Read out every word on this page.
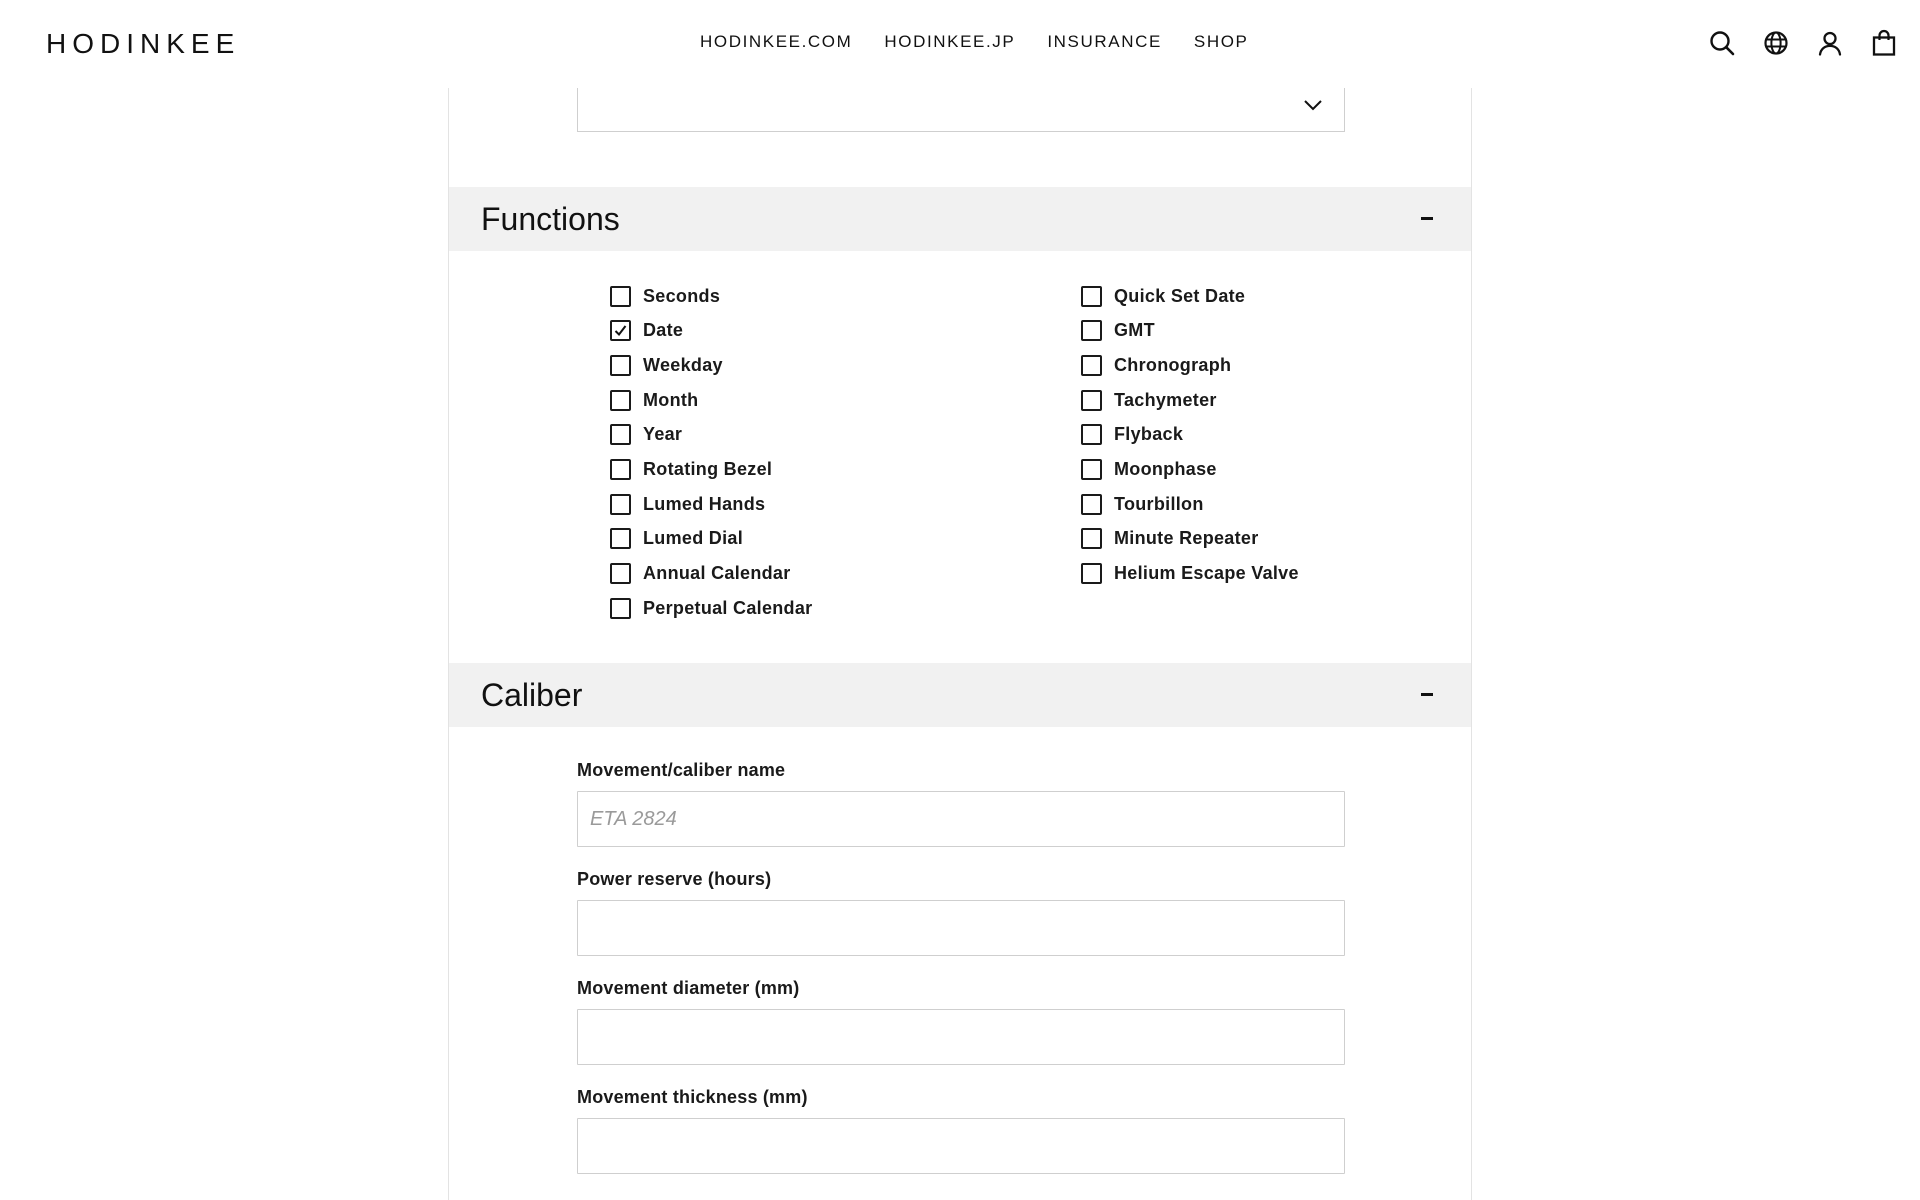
HODINKEE	HODINKEE.COM HODINKEE.JP INSURANCE SHOP
Functions
Seconds
Date
Weekday
Month
Year
Rotating Bezel
Lumed Hands
Lumed Dial
Annual Calendar
Perpetual Calendar
Quick Set Date
GMT
Chronograph
Tachymeter
Flyback
Moonphase
Tourbillon
Minute Repeater
Helium Escape Valve
Caliber
Movement/caliber name
ETA 2824
Power reserve (hours)
Movement diameter (mm)
Movement thickness (mm)
